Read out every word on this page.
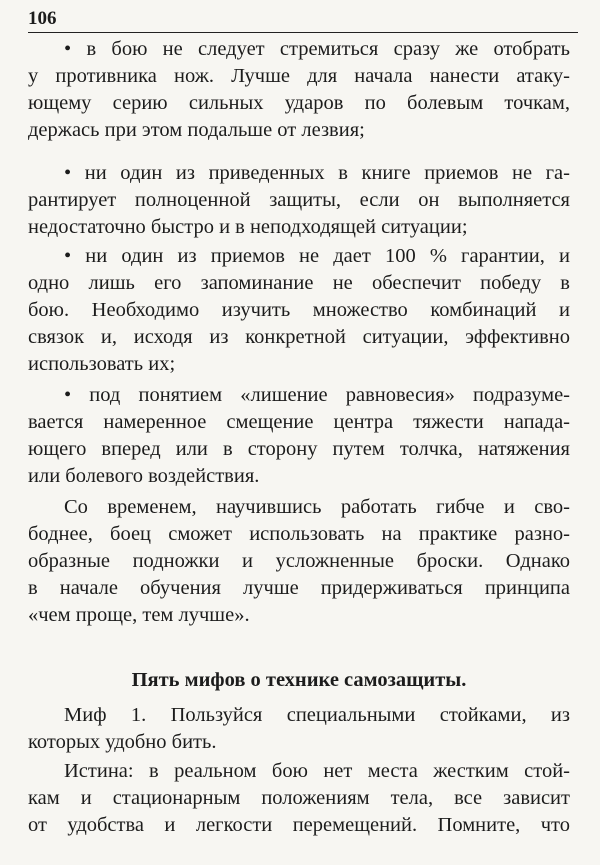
106
• в бою не следует стремиться сразу же отобрать
у противника нож. Лучше для начала нанести атаку-
ющему серию сильных ударов по болевым точкам,
держась при этом подальше от лезвия;
• ни один из приведенных в книге приемов не га-
рантирует полноценной защиты, если он выполняется
недостаточно быстро и в неподходящей ситуации;
• ни один из приемов не дает 100 % гарантии, и
одно лишь его запоминание не обеспечит победу в
бою. Необходимо изучить множество комбинаций и
связок и, исходя из конкретной ситуации, эффективно
использовать их;
• под понятием «лишение равновесия» подразуме-
вается намеренное смещение центра тяжести напада-
ющего вперед или в сторону путем толчка, натяжения
или болевого воздействия.
Со временем, научившись работать гибче и сво-
боднее, боец сможет использовать на практике разно-
образные подножки и усложненные броски. Однако
в начале обучения лучше придерживаться принципа
«чем проще, тем лучше».
Пять мифов о технике самозащиты.
Миф 1. Пользуйся специальными стойками, из
которых удобно бить.
Истина: в реальном бою нет места жестким стой-
кам и стационарным положениям тела, все зависит
от удобства и легкости перемещений. Помните, что
